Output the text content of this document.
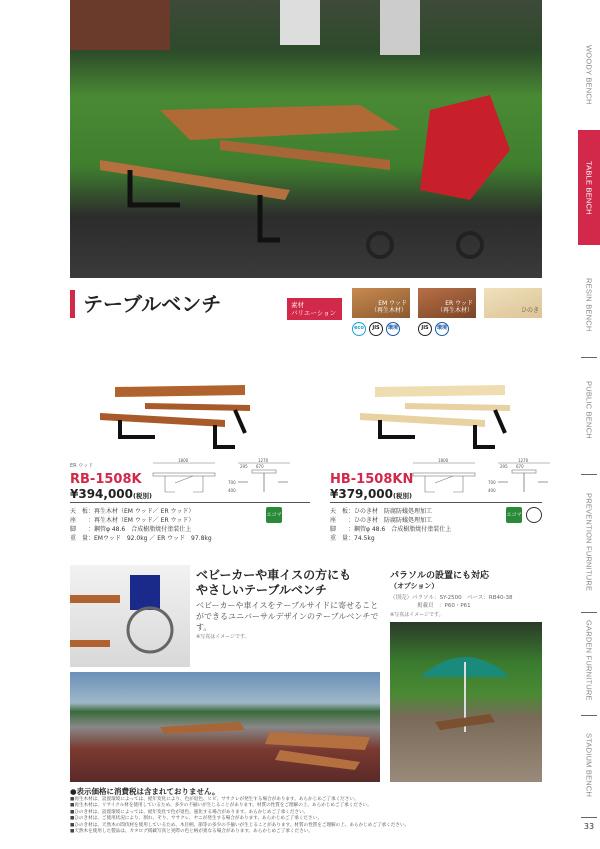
WOODY BENCH
TABLE BENCH
RESIN BENCH
PUBLIC BENCH
PREVENTION FURNITURE
GARDEN FURNITURE
STADIUM BENCH
33
テーブルベンチ	素材
バリエーション
EM ウッド
（再生木材）
ER ウッド
（再生木材）	ひのき
eco	JIS	環境	JIS	環境
ER ウッド
RB-1508K
¥394,000(税別)
1800	1270
295 670
700
400
天　板：再生木材（EM ウッド／ ER ウッド）
座　　：再生木材（EM ウッド／ ER ウッド）
脚　　：鋼管φ 48.6　合成樹脂焼付塗装仕上
重　量：EMウッド　92.0kg ／ ER ウッド　97.8kg
エコマーク
HB-1508KN
¥379,000(税別)
1800	1270
295 670
700
400
天　板：ひのき材　防腐防蟻処理加工
座　　：ひのき材　防腐防蟻処理加工
脚　　：鋼管φ 48.6　合成樹脂焼付塗装仕上
重　量：74.5kg
エコマーク
ベビーカーや車イスの方にも
やさしいテーブルベンチ
ベビーカーや車イスをテーブルサイドに寄せることができるユニバーサルデザインのテーブルベンチです。
※写真はイメージです。
パラソルの設置にも対応
（オプション）
（別売）パラソル：SY-2500　ベース：RB40-38
掲載頁　：P60・P61
※写真はイメージです。
●表示価格に消費税は含まれておりません。
■再生木材は、設置環境によっては、経年変化により、色が退色、ヒビ、ササクレが発生する場合があります。あらかじめご了承ください。
■再生木材は、リサイクル材を使用しているため、多少の不揃いが生じることがあります。材質の性質をご理解の上、あらかじめご了承ください。
■ひのき材は、設置環境によっては、経年変化で色が退色、風化する場合があります。あらかじめご了承ください。
■ひのき材は、ご使用状況により、割れ、そり、ササクレ、ヤニが発生する場合があります。あらかじめご了承ください。
■ひのき材は、天然木の間伐材を使用しているため、木目柄、節等の多少の不揃いが生じることがあります。材質の性質をご理解の上、あらかじめご了承ください。
■天然木を使用した製品は、カタログ掲載写真と実際の色と柄が異なる場合があります。あらかじめご了承ください。
